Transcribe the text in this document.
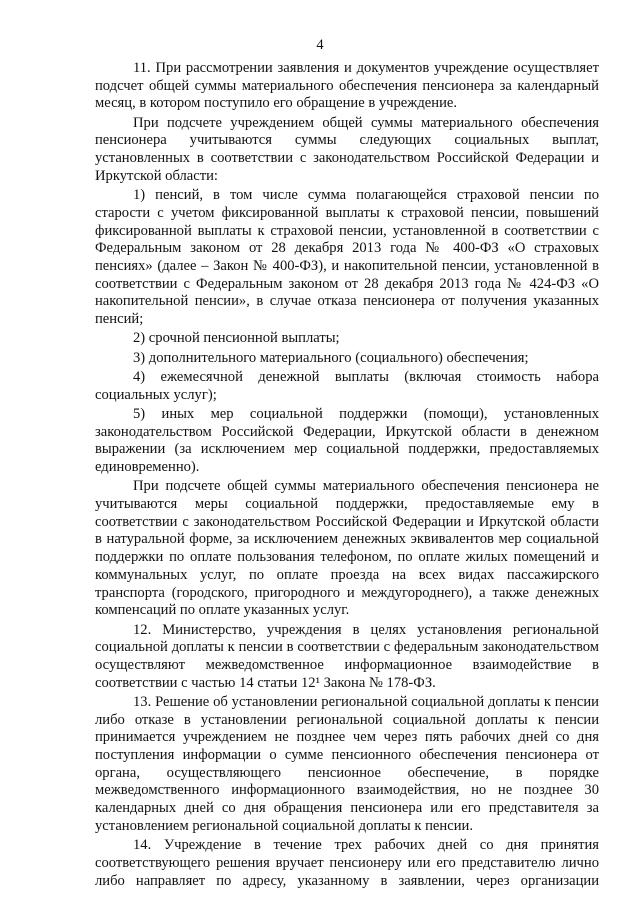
4

11. При рассмотрении заявления и документов учреждение осуществляет подсчет общей суммы материального обеспечения пенсионера за календарный месяц, в котором поступило его обращение в учреждение.

При подсчете учреждением общей суммы материального обеспечения пенсионера учитываются суммы следующих социальных выплат, установленных в соответствии с законодательством Российской Федерации и Иркутской области:

1) пенсий, в том числе сумма полагающейся страховой пенсии по старости с учетом фиксированной выплаты к страховой пенсии, повышений фиксированной выплаты к страховой пенсии, установленной в соответствии с Федеральным законом от 28 декабря 2013 года № 400-ФЗ «О страховых пенсиях» (далее – Закон № 400-ФЗ), и накопительной пенсии, установленной в соответствии с Федеральным законом от 28 декабря 2013 года № 424-ФЗ «О накопительной пенсии», в случае отказа пенсионера от получения указанных пенсий;

2) срочной пенсионной выплаты;

3) дополнительного материального (социального) обеспечения;

4) ежемесячной денежной выплаты (включая стоимость набора социальных услуг);

5) иных мер социальной поддержки (помощи), установленных законодательством Российской Федерации, Иркутской области в денежном выражении (за исключением мер социальной поддержки, предоставляемых единовременно).

При подсчете общей суммы материального обеспечения пенсионера не учитываются меры социальной поддержки, предоставляемые ему в соответствии с законодательством Российской Федерации и Иркутской области в натуральной форме, за исключением денежных эквивалентов мер социальной поддержки по оплате пользования телефоном, по оплате жилых помещений и коммунальных услуг, по оплате проезда на всех видах пассажирского транспорта (городского, пригородного и междугороднего), а также денежных компенсаций по оплате указанных услуг.

12. Министерство, учреждения в целях установления региональной социальной доплаты к пенсии в соответствии с федеральным законодательством осуществляют межведомственное информационное взаимодействие в соответствии с частью 14 статьи 12¹ Закона № 178-ФЗ.

13. Решение об установлении региональной социальной доплаты к пенсии либо отказе в установлении региональной социальной доплаты к пенсии принимается учреждением не позднее чем через пять рабочих дней со дня поступления информации о сумме пенсионного обеспечения пенсионера от органа, осуществляющего пенсионное обеспечение, в порядке межведомственного информационного взаимодействия, но не позднее 30 календарных дней со дня обращения пенсионера или его представителя за установлением региональной социальной доплаты к пенсии.

14. Учреждение в течение трех рабочих дней со дня принятия соответствующего решения вручает пенсионеру или его представителю лично либо направляет по адресу, указанному в заявлении, через организации
